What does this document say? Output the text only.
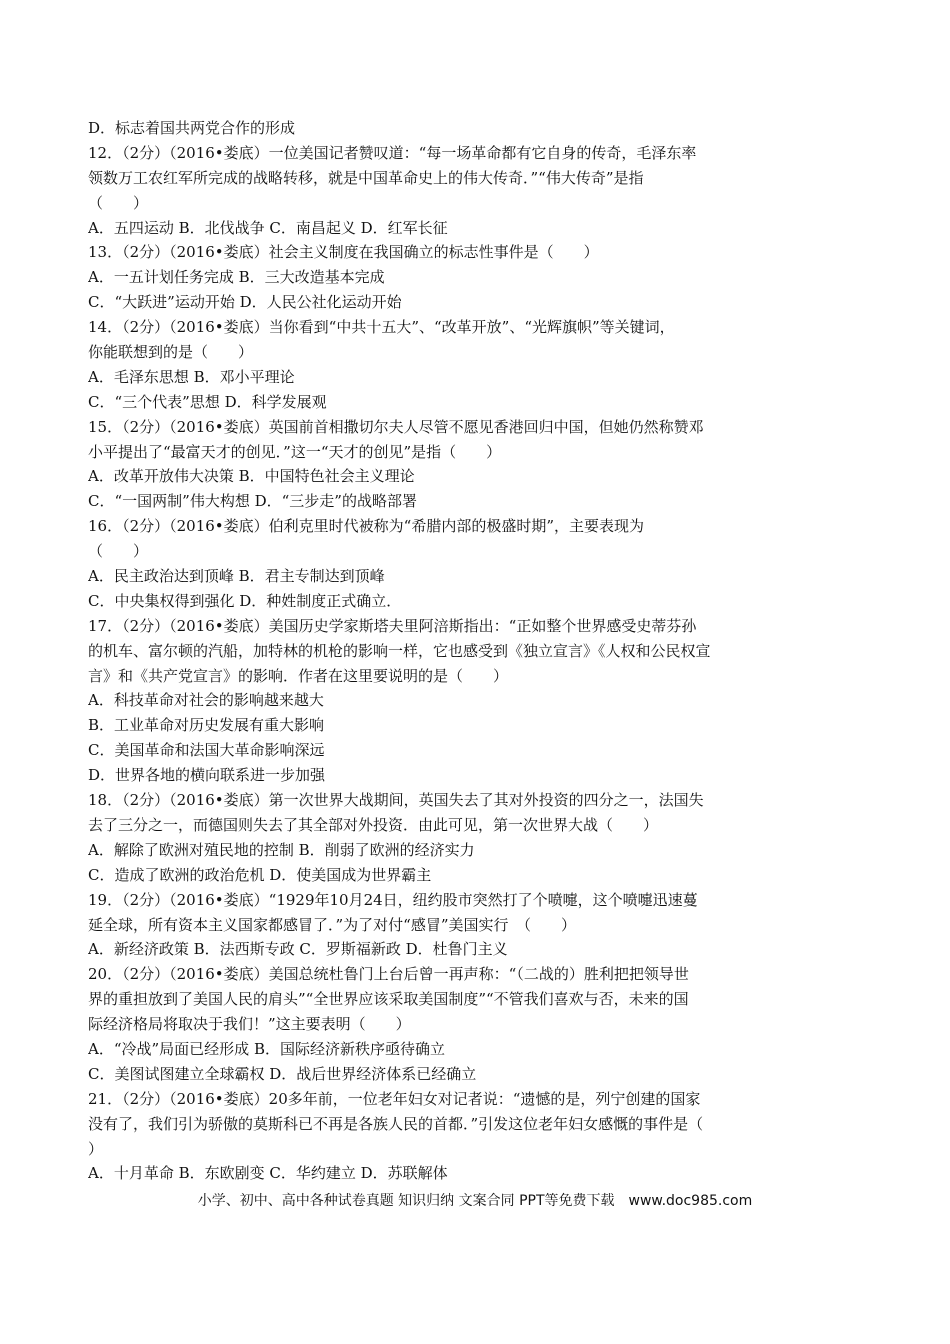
D．标志着国共两党合作的形成
12．（2分）（2016•娄底）一位美国记者赞叹道：“每一场革命都有它自身的传奇，毛泽东率
领数万工农红军所完成的战略转移，就是中国革命史上的伟大传奇．”“伟大传奇”是指
（　　）
A．五四运动 B．北伐战争 C．南昌起义 D．红军长征
13．（2分）（2016•娄底）社会主义制度在我国确立的标志性事件是（　　）
A．一五计划任务完成 B．三大改造基本完成
C．“大跃进”运动开始 D．人民公社化运动开始
14．（2分）（2016•娄底）当你看到“中共十五大”、“改革开放”、“光辉旗帜”等关键词，
你能联想到的是（　　）
A．毛泽东思想 B．邓小平理论
C．“三个代表”思想 D．科学发展观
15．（2分）（2016•娄底）英国前首相撒切尔夫人尽管不愿见香港回归中国，但她仍然称赞邓
小平提出了“最富天才的创见．”这一“天才的创见”是指（　　）
A．改革开放伟大决策 B．中国特色社会主义理论
C．“一国两制”伟大构想 D．“三步走”的战略部署
16．（2分）（2016•娄底）伯利克里时代被称为“希腊内部的极盛时期”，主要表现为
（　　）
A．民主政治达到顶峰 B．君主专制达到顶峰
C．中央集权得到强化 D．种姓制度正式确立．
17．（2分）（2016•娄底）美国历史学家斯塔夫里阿涪斯指出：“正如整个世界感受史蒂芬孙
的机车、富尔顿的汽船，加特林的机枪的影响一样，它也感受到《独立宣言》《人权和公民权宣
言》和《共产党宣言》的影响．作者在这里要说明的是（　　）
A．科技革命对社会的影响越来越大
B．工业革命对历史发展有重大影响
C．美国革命和法国大革命影响深远
D．世界各地的横向联系进一步加强
18．（2分）（2016•娄底）第一次世界大战期间，英国失去了其对外投资的四分之一，法国失
去了三分之一，而德国则失去了其全部对外投资．由此可见，第一次世界大战（　　）
A．解除了欧洲对殖民地的控制 B．削弱了欧洲的经济实力
C．造成了欧洲的政治危机 D．使美国成为世界霸主
19．（2分）（2016•娄底）“1929年10月24日，纽约股市突然打了个喷嚏，这个喷嚏迅速蔓
延全球，所有资本主义国家都感冒了．”为了对付“感冒”美国实行　（　　）
A．新经济政策 B．法西斯专政 C．罗斯福新政 D．杜鲁门主义
20．（2分）（2016•娄底）美国总统杜鲁门上台后曾一再声称：“（二战的）胜利把把领导世
界的重担放到了美国人民的肩头”“全世界应该采取美国制度”“不管我们喜欢与否，未来的国
际经济格局将取决于我们！”这主要表明（　　）
A．“冷战”局面已经形成 B．国际经济新秩序亟待确立
C．美图试图建立全球霸权 D．战后世界经济体系已经确立
21．（2分）（2016•娄底）20多年前，一位老年妇女对记者说：“遗憾的是，列宁创建的国家
没有了，我们引为骄傲的莫斯科已不再是各族人民的首都．”引发这位老年妇女感慨的事件是（
）
A．十月革命 B．东欧剧变 C．华约建立 D．苏联解体
小学、初中、高中各种试卷真题 知识归纳 文案合同 PPT等免费下载　www.doc985.com
